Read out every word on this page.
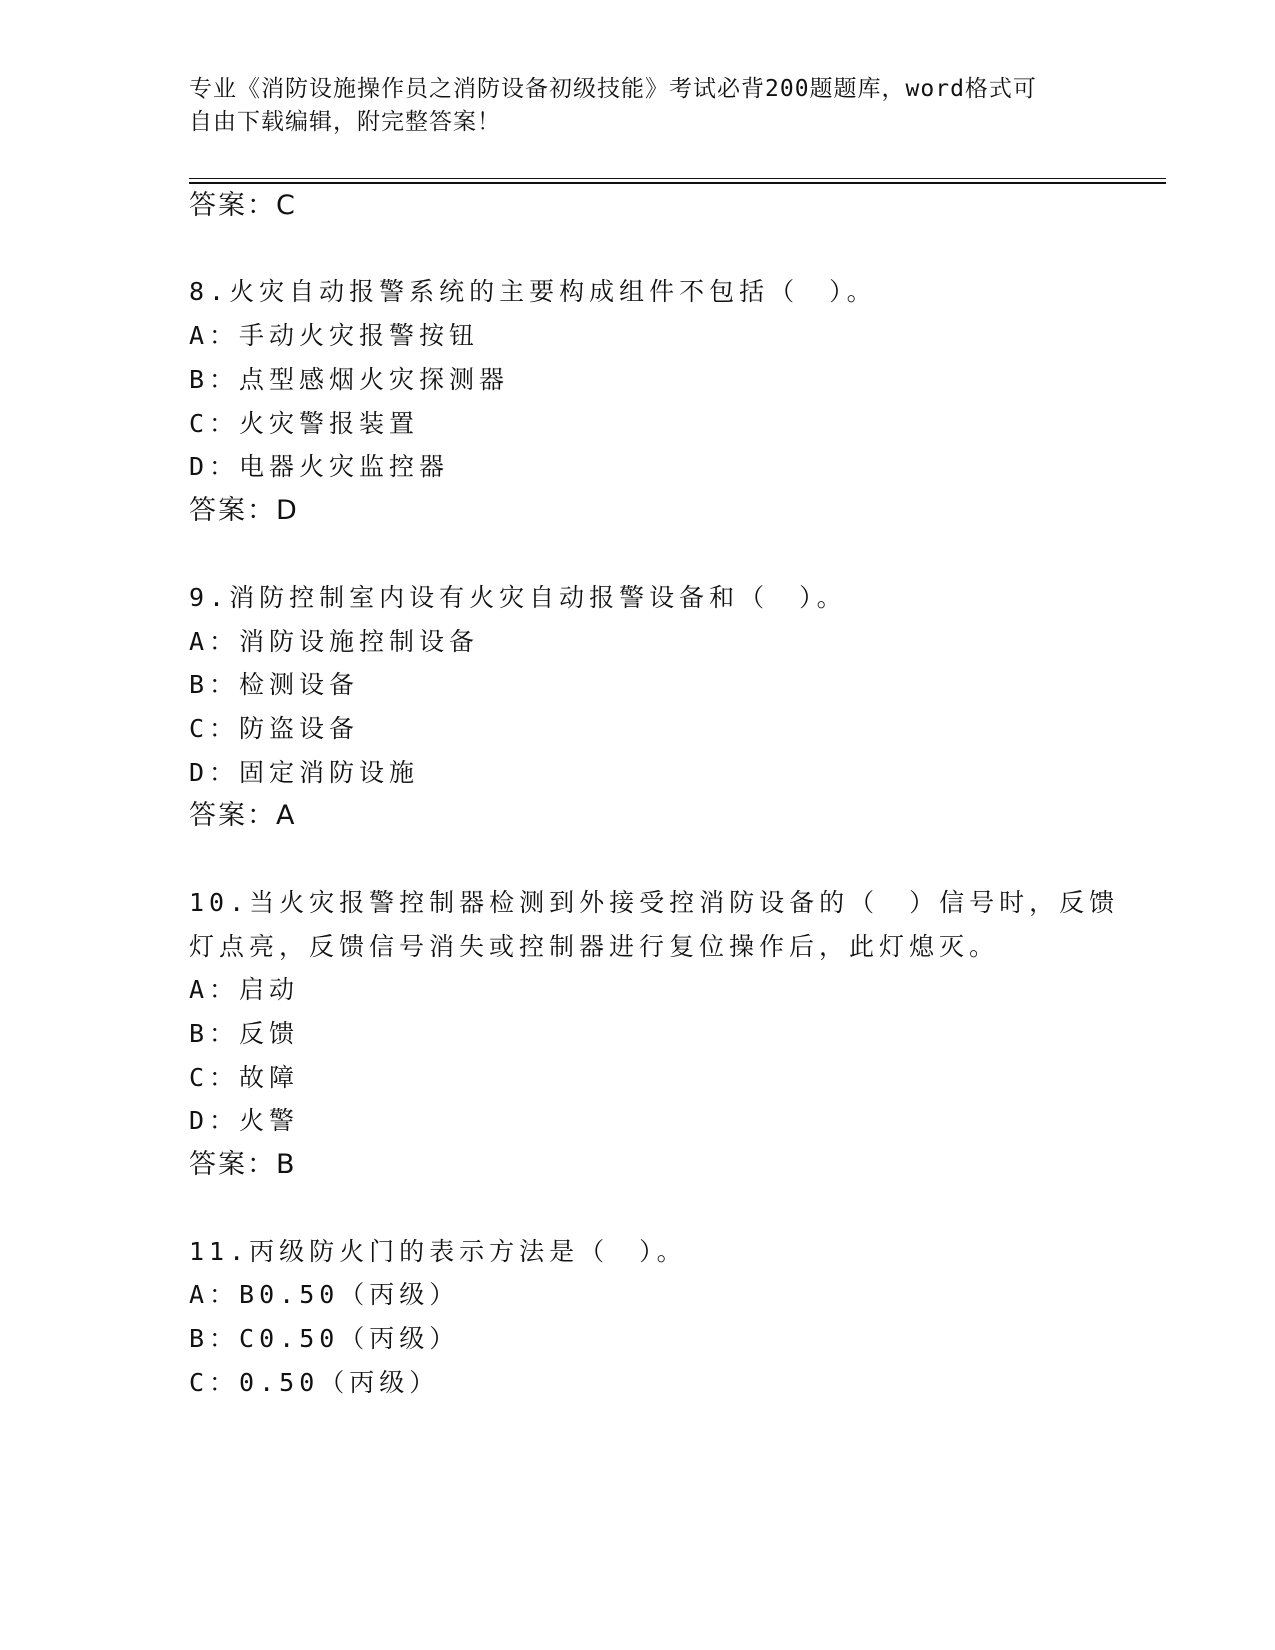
专业《消防设施操作员之消防设备初级技能》考试必背200题题库，word格式可
自由下载编辑，附完整答案！
答案：C
8.火灾自动报警系统的主要构成组件不包括（　）。
A：手动火灾报警按钮
B：点型感烟火灾探测器
C：火灾警报装置
D：电器火灾监控器
答案：D
9.消防控制室内设有火灾自动报警设备和（　）。
A：消防设施控制设备
B：检测设备
C：防盗设备
D：固定消防设施
答案：A
10.当火灾报警控制器检测到外接受控消防设备的（　）信号时，反馈
灯点亮，反馈信号消失或控制器进行复位操作后，此灯熄灭。
A：启动
B：反馈
C：故障
D：火警
答案：B
11.丙级防火门的表示方法是（　）。
A：B0.50（丙级）
B：C0.50（丙级）
C：0.50（丙级）
